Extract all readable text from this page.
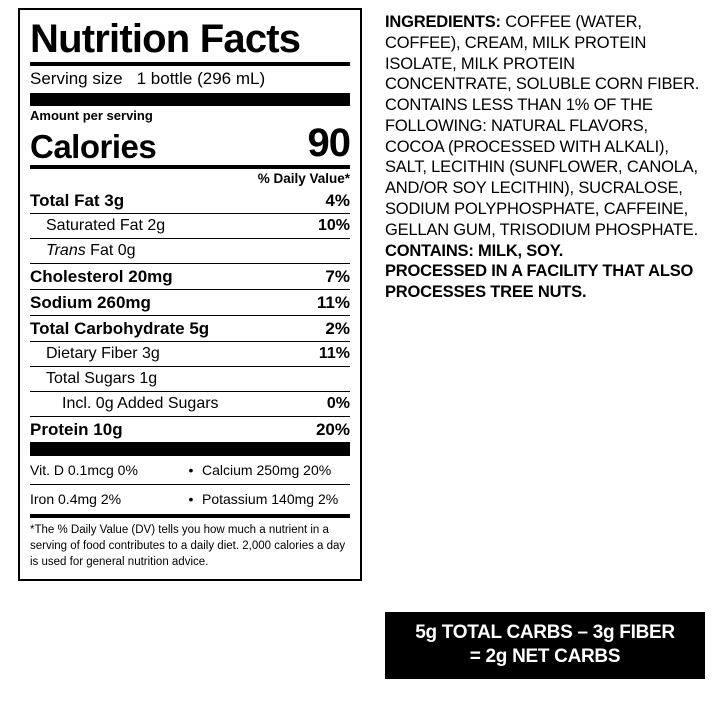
Nutrition Facts
Serving size 1 bottle (296 mL)
Amount per serving
Calories	90
% Daily Value*
Total Fat 3g	4%
Saturated Fat 2g	10%
Trans Fat 0g
Cholesterol 20mg	7%
Sodium 260mg	11%
Total Carbohydrate 5g	2%
Dietary Fiber 3g	11%
Total Sugars 1g
Incl. 0g Added Sugars	0%
Protein 10g	20%
Vit. D 0.1mcg 0%	• Calcium 250mg 20%
Iron 0.4mg 2%	• Potassium 140mg 2%
*The % Daily Value (DV) tells you how much a nutrient in a serving of food contributes to a daily diet. 2,000 calories a day is used for general nutrition advice.
INGREDIENTS: COFFEE (WATER, COFFEE), CREAM, MILK PROTEIN ISOLATE, MILK PROTEIN CONCENTRATE, SOLUBLE CORN FIBER. CONTAINS LESS THAN 1% OF THE FOLLOWING: NATURAL FLAVORS, COCOA (PROCESSED WITH ALKALI), SALT, LECITHIN (SUNFLOWER, CANOLA, AND/OR SOY LECITHIN), SUCRALOSE, SODIUM POLYPHOSPHATE, CAFFEINE, GELLAN GUM, TRISODIUM PHOSPHATE.
CONTAINS: MILK, SOY.
PROCESSED IN A FACILITY THAT ALSO PROCESSES TREE NUTS.
5g TOTAL CARBS – 3g FIBER
= 2g NET CARBS
